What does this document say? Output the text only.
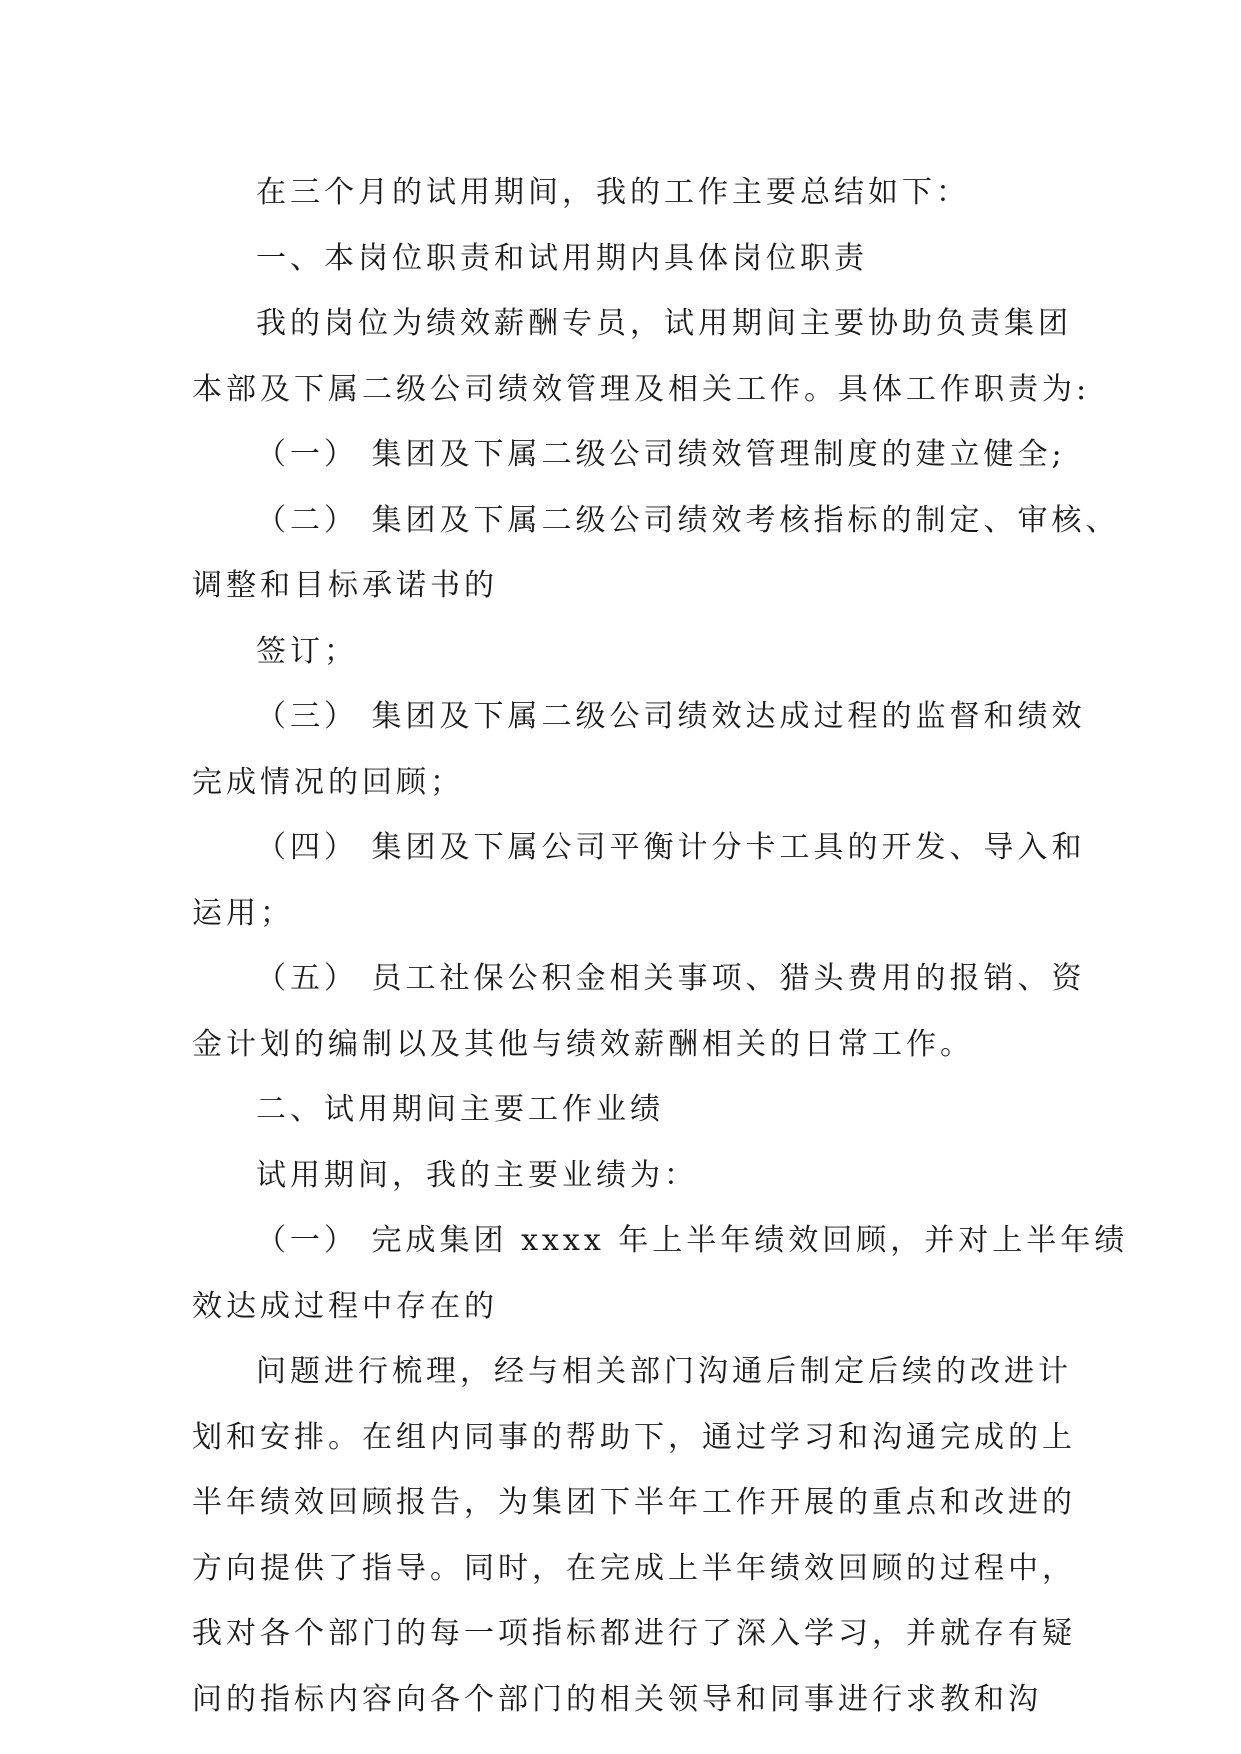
在三个月的试用期间，我的工作主要总结如下：
一、本岗位职责和试用期内具体岗位职责
我的岗位为绩效薪酬专员，试用期间主要协助负责集团
本部及下属二级公司绩效管理及相关工作。具体工作职责为:
（一） 集团及下属二级公司绩效管理制度的建立健全;
（二） 集团及下属二级公司绩效考核指标的制定、审核、
调整和目标承诺书的
签订；
（三） 集团及下属二级公司绩效达成过程的监督和绩效
完成情况的回顾；
（四） 集团及下属公司平衡计分卡工具的开发、导入和
运用；
（五） 员工社保公积金相关事项、猎头费用的报销、资
金计划的编制以及其他与绩效薪酬相关的日常工作。
二、试用期间主要工作业绩
试用期间，我的主要业绩为：
（一） 完成集团 xxxx 年上半年绩效回顾，并对上半年绩
效达成过程中存在的
问题进行梳理，经与相关部门沟通后制定后续的改进计
划和安排。在组内同事的帮助下，通过学习和沟通完成的上
半年绩效回顾报告，为集团下半年工作开展的重点和改进的
方向提供了指导。同时，在完成上半年绩效回顾的过程中，
我对各个部门的每一项指标都进行了深入学习，并就存有疑
问的指标内容向各个部门的相关领导和同事进行求教和沟
